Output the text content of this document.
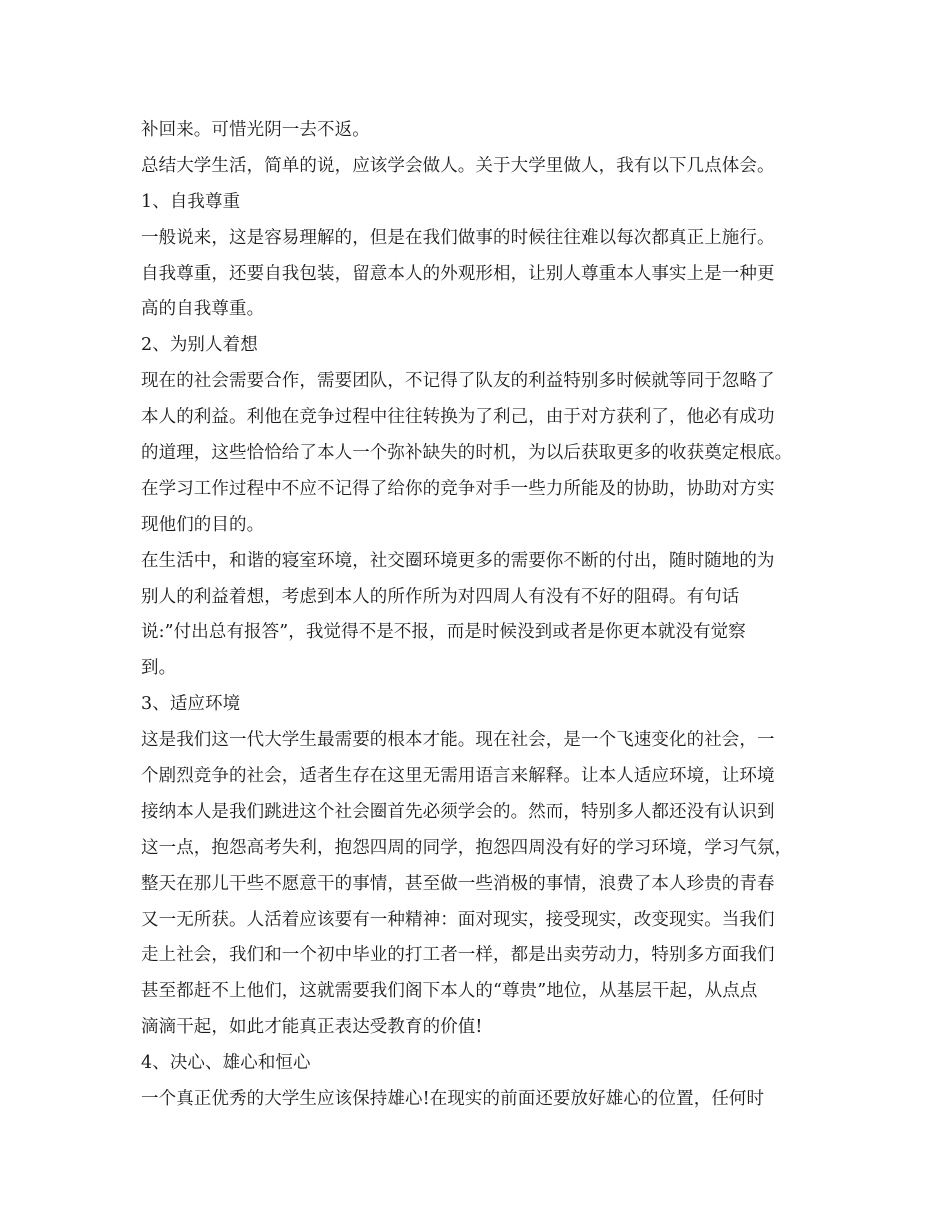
补回来。可惜光阴一去不返。
总结大学生活，简单的说，应该学会做人。关于大学里做人，我有以下几点体会。
1、自我尊重
一般说来，这是容易理解的，但是在我们做事的时候往往难以每次都真正上施行。
自我尊重，还要自我包装，留意本人的外观形相，让别人尊重本人事实上是一种更
高的自我尊重。
2、为别人着想
现在的社会需要合作，需要团队，不记得了队友的利益特别多时候就等同于忽略了
本人的利益。利他在竞争过程中往往转换为了利己，由于对方获利了，他必有成功
的道理，这些恰恰给了本人一个弥补缺失的时机，为以后获取更多的收获奠定根底。
在学习工作过程中不应不记得了给你的竞争对手一些力所能及的协助，协助对方实
现他们的目的。
在生活中，和谐的寝室环境，社交圈环境更多的需要你不断的付出，随时随地的为
别人的利益着想，考虑到本人的所作所为对四周人有没有不好的阻碍。有句话
说:”付出总有报答”，我觉得不是不报，而是时候没到或者是你更本就没有觉察
到。
3、适应环境
这是我们这一代大学生最需要的根本才能。现在社会，是一个飞速变化的社会，一
个剧烈竞争的社会，适者生存在这里无需用语言来解释。让本人适应环境，让环境
接纳本人是我们跳进这个社会圈首先必须学会的。然而，特别多人都还没有认识到
这一点，抱怨高考失利，抱怨四周的同学，抱怨四周没有好的学习环境，学习气氛，
整天在那儿干些不愿意干的事情，甚至做一些消极的事情，浪费了本人珍贵的青春
又一无所获。人活着应该要有一种精神：面对现实，接受现实，改变现实。当我们
走上社会，我们和一个初中毕业的打工者一样，都是出卖劳动力，特别多方面我们
甚至都赶不上他们，这就需要我们阁下本人的“尊贵”地位，从基层干起，从点点
滴滴干起，如此才能真正表达受教育的价值!
4、决心、雄心和恒心
一个真正优秀的大学生应该保持雄心!在现实的前面还要放好雄心的位置，任何时
